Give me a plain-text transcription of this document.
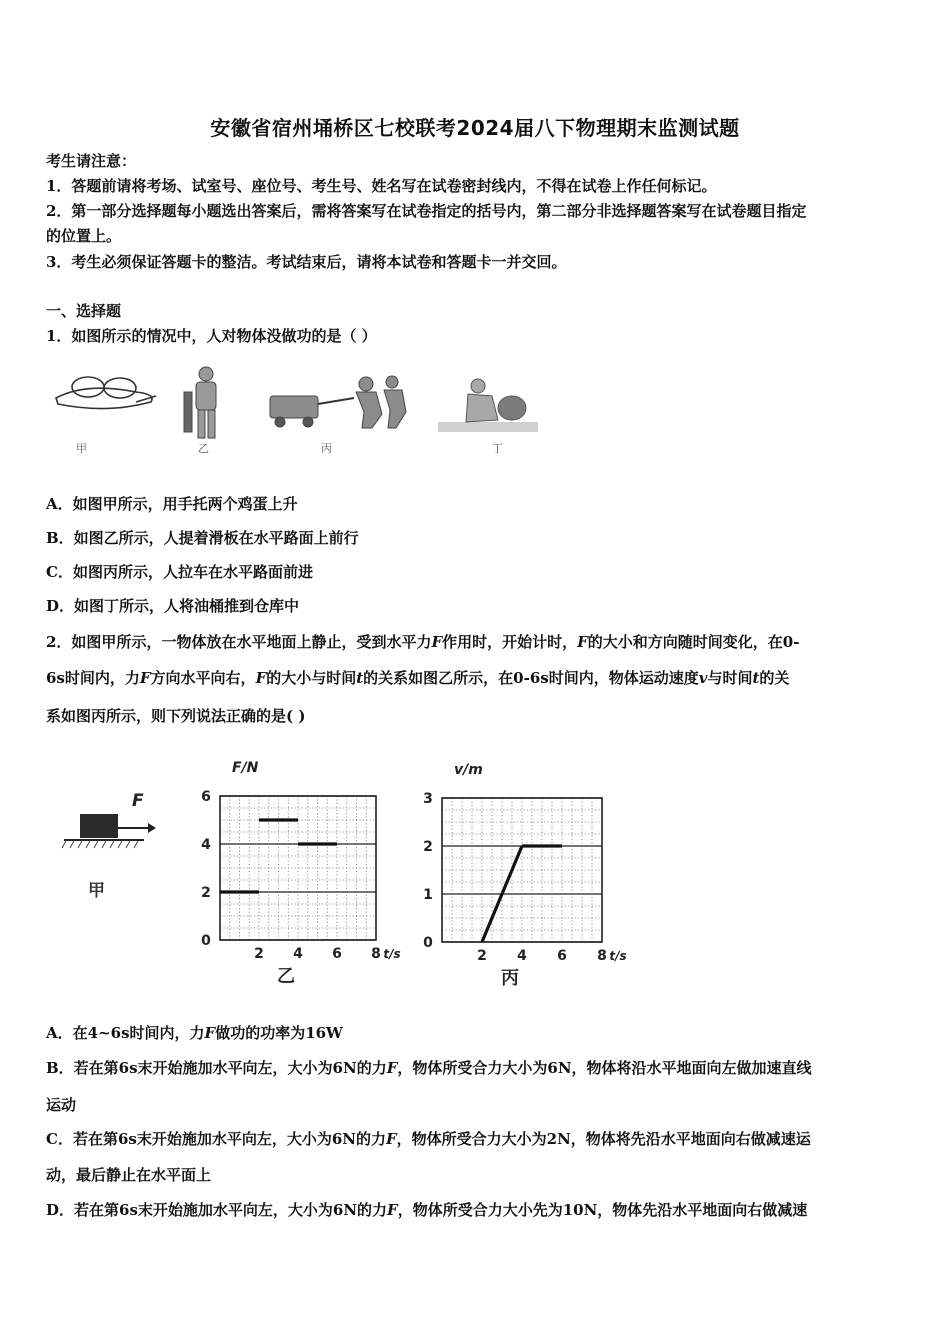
安徽省宿州埇桥区七校联考2024届八下物理期末监测试题
考生请注意：
1．答题前请将考场、试室号、座位号、考生号、姓名写在试卷密封线内，不得在试卷上作任何标记。
2．第一部分选择题每小题选出答案后，需将答案写在试卷指定的括号内，第二部分非选择题答案写在试卷题目指定
的位置上。
3．考生必须保证答题卡的整洁。考试结束后，请将本试卷和答题卡一并交回。
一、选择题
1．如图所示的情况中，人对物体没做功的是（ ）
甲	乙	丙	丁
A．如图甲所示，用手托两个鸡蛋上升
B．如图乙所示，人提着滑板在水平路面上前行
C．如图丙所示，人拉车在水平路面前进
D．如图丁所示，人将油桶推到仓库中
2．如图甲所示，一物体放在水平地面上静止，受到水平力F作用时，开始计时，F的大小和方向随时间变化，在0-
6s时间内，力F方向水平向右，F的大小与时间t的关系如图乙所示，在0-6s时间内，物体运动速度v与时间t的关
系如图丙所示，则下列说法正确的是( )
F
甲
0
2
4
6
2 4 6 8
F/N
t/s
乙
0
1
2
3
2 4 6 8
v/m
t/s
丙
A．在4~6s时间内，力F做功的功率为16W
B．若在第6s末开始施加水平向左，大小为6N的力F，物体所受合力大小为6N，物体将沿水平地面向左做加速直线
运动
C．若在第6s末开始施加水平向左，大小为6N的力F，物体所受合力大小为2N，物体将先沿水平地面向右做减速运
动，最后静止在水平面上
D．若在第6s末开始施加水平向左，大小为6N的力F，物体所受合力大小先为10N，物体先沿水平地面向右做减速
